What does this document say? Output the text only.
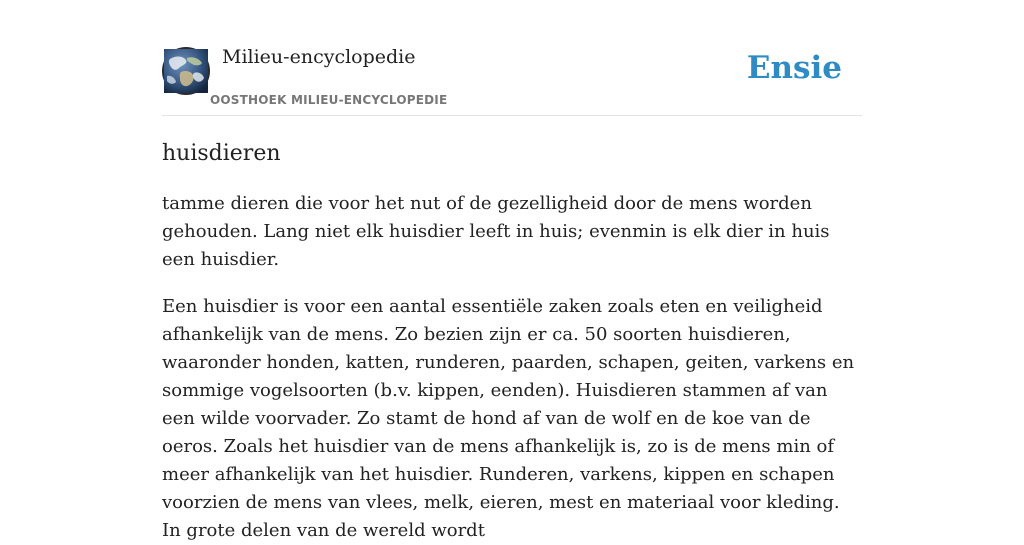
Milieu-encyclopedie
OOSTHOEK MILIEU-ENCYCLOPEDIE
Ensie
huisdieren

tamme dieren die voor het nut of de gezelligheid door de mens worden gehouden. Lang niet elk huisdier leeft in huis; evenmin is elk dier in huis een huisdier.

Een huisdier is voor een aantal essentiële zaken zoals eten en veiligheid afhankelijk van de mens. Zo bezien zijn er ca. 50 soorten huisdieren, waaronder honden, katten, runderen, paarden, schapen, geiten, varkens en sommige vogelsoorten (b.v. kippen, eenden). Huisdieren stammen af van een wilde voorvader. Zo stamt de hond af van de wolf en de koe van de oeros. Zoals het huisdier van de mens afhankelijk is, zo is de mens min of meer afhankelijk van het huisdier. Runderen, varkens, kippen en schapen voorzien de mens van vlees, melk, eieren, mest en materiaal voor kleding. In grote delen van de wereld wordt
